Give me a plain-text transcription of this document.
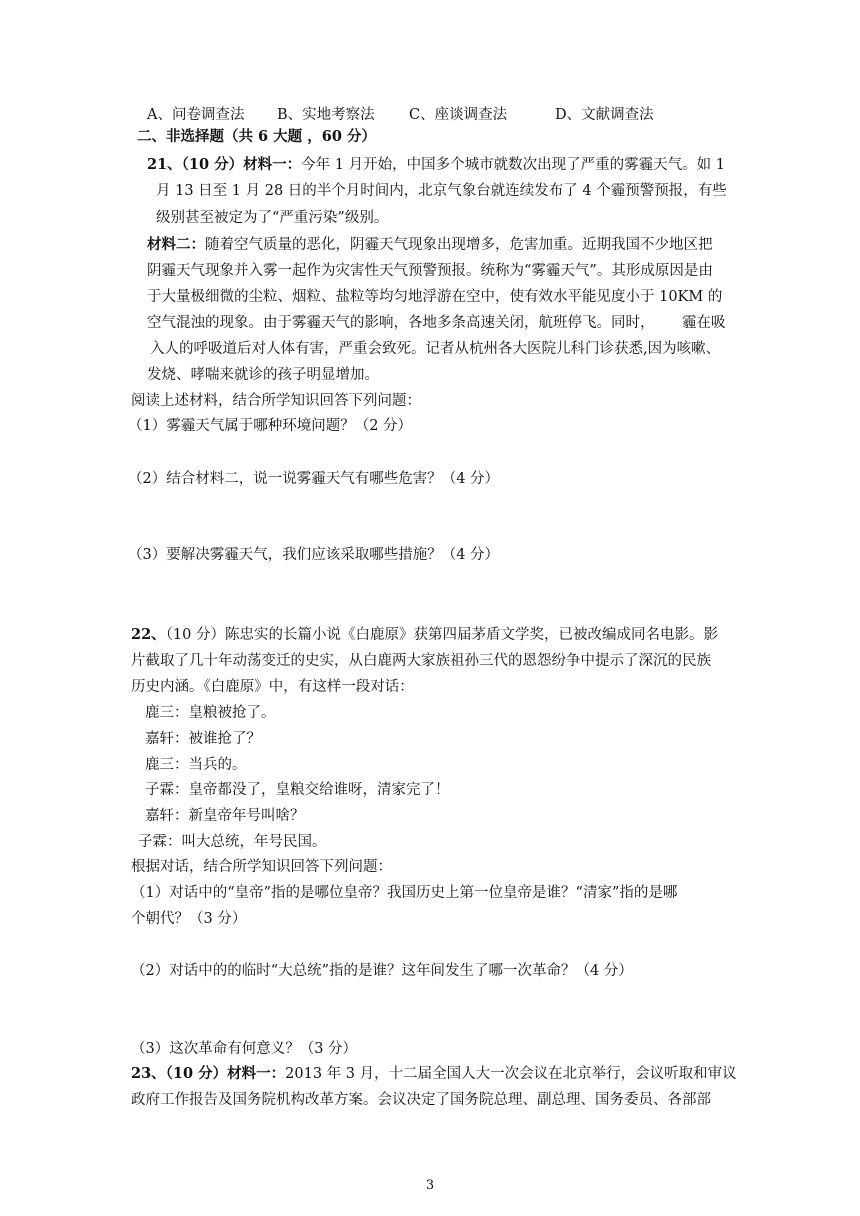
A、问卷调查法 B、实地考察法 C、座谈调查法	D、文献调查法
二、非选择题（共 6 大题 ，60 分）
21、（10 分）材料一：今年 1 月开始，中国多个城市就数次出现了严重的雾霾天气。如 1
月 13 日至 1 月 28 日的半个月时间内，北京气象台就连续发布了 4 个霾预警预报，有些
级别甚至被定为了“严重污染”级别。
材料二：随着空气质量的恶化，阴霾天气现象出现增多，危害加重。近期我国不少地区把
阴霾天气现象并入雾一起作为灾害性天气预警预报。统称为“雾霾天气”。其形成原因是由
于大量极细微的尘粒、烟粒、盐粒等均匀地浮游在空中，使有效水平能见度小于 10KM 的
空气混浊的现象。由于雾霾天气的影响，各地多条高速关闭，航班停飞。同时， 霾在吸
入人的呼吸道后对人体有害，严重会致死。记者从杭州各大医院儿科门诊获悉,因为咳嗽、
发烧、哮喘来就诊的孩子明显增加。
阅读上述材料，结合所学知识回答下列问题：
（1）雾霾天气属于哪种环境问题？（2 分）
（2）结合材料二，说一说雾霾天气有哪些危害？（4 分）
（3）要解决雾霾天气，我们应该采取哪些措施？（4 分）
22、（10 分）陈忠实的长篇小说《白鹿原》获第四届茅盾文学奖，已被改编成同名电影。影
片截取了几十年动荡变迁的史实，从白鹿两大家族祖孙三代的恩怨纷争中提示了深沉的民族
历史内涵。《白鹿原》中，有这样一段对话：
鹿三：皇粮被抢了。
嘉轩：被谁抢了？
鹿三：当兵的。
子霖：皇帝都没了，皇粮交给谁呀，清家完了！
嘉轩：新皇帝年号叫啥？
子霖：叫大总统，年号民国。
根据对话，结合所学知识回答下列问题：
（1）对话中的“皇帝”指的是哪位皇帝？我国历史上第一位皇帝是谁？“清家”指的是哪
个朝代？（3 分）
（2）对话中的的临时“大总统”指的是谁？这年间发生了哪一次革命？（4 分）
（3）这次革命有何意义？（3 分）
23、（10 分）材料一：2013 年 3 月，十二届全国人大一次会议在北京举行，会议听取和审议
政府工作报告及国务院机构改革方案。会议决定了国务院总理、副总理、国务委员、各部部
3
